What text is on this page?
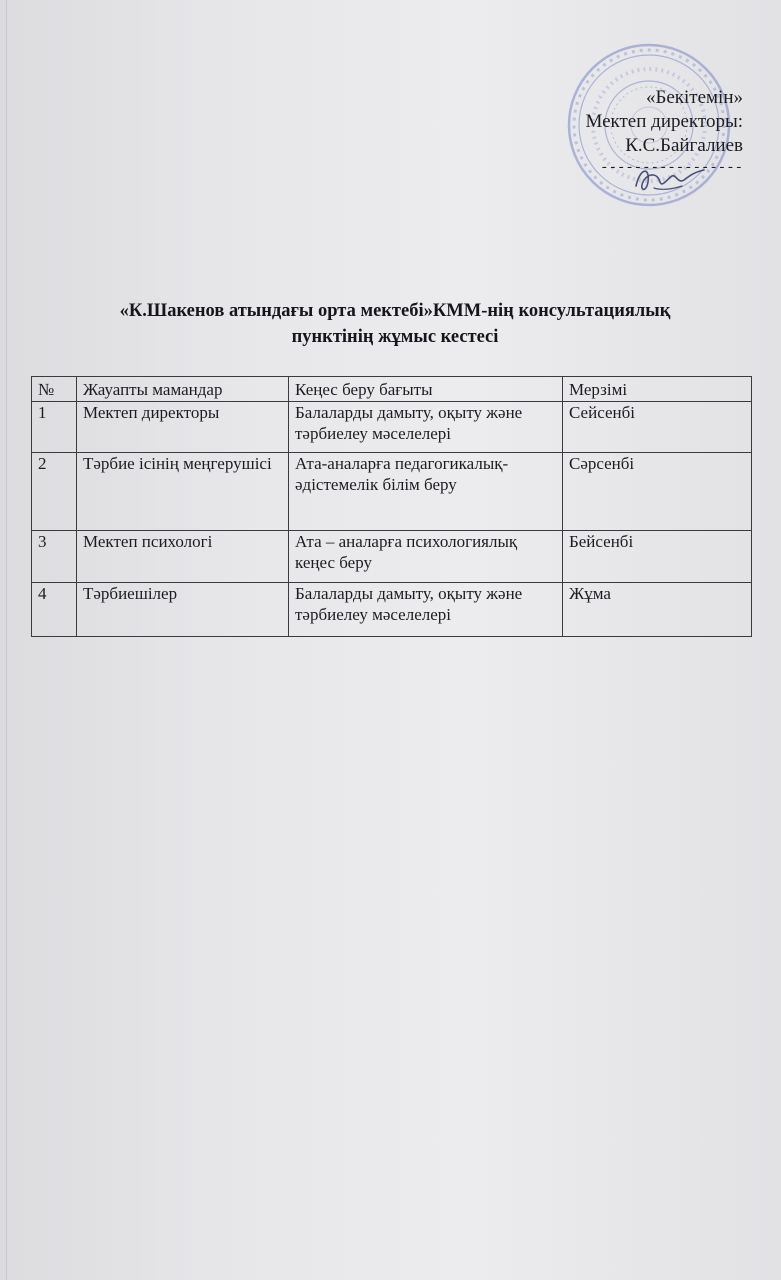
«Бекітемін»
Мектеп директоры:
К.С.Байгалиев
-----------------
«К.Шакенов атындағы орта мектебі»КММ-нің консультациялық
пунктінің жұмыс кестесі
№	Жауапты мамандар	Кеңес беру бағыты	Мерзімі
1	Мектеп директоры	Балаларды дамыту, оқыту және тәрбиелеу мәселелері	Сейсенбі
2	Тәрбие ісінің меңгерушісі	Ата-аналарға педагогикалық-әдістемелік білім беру	Сәрсенбі
3	Мектеп психологі	Ата – аналарға психологиялық кеңес беру	Бейсенбі
4	Тәрбиешілер	Балаларды дамыту, оқыту және тәрбиелеу мәселелері	Жұма
